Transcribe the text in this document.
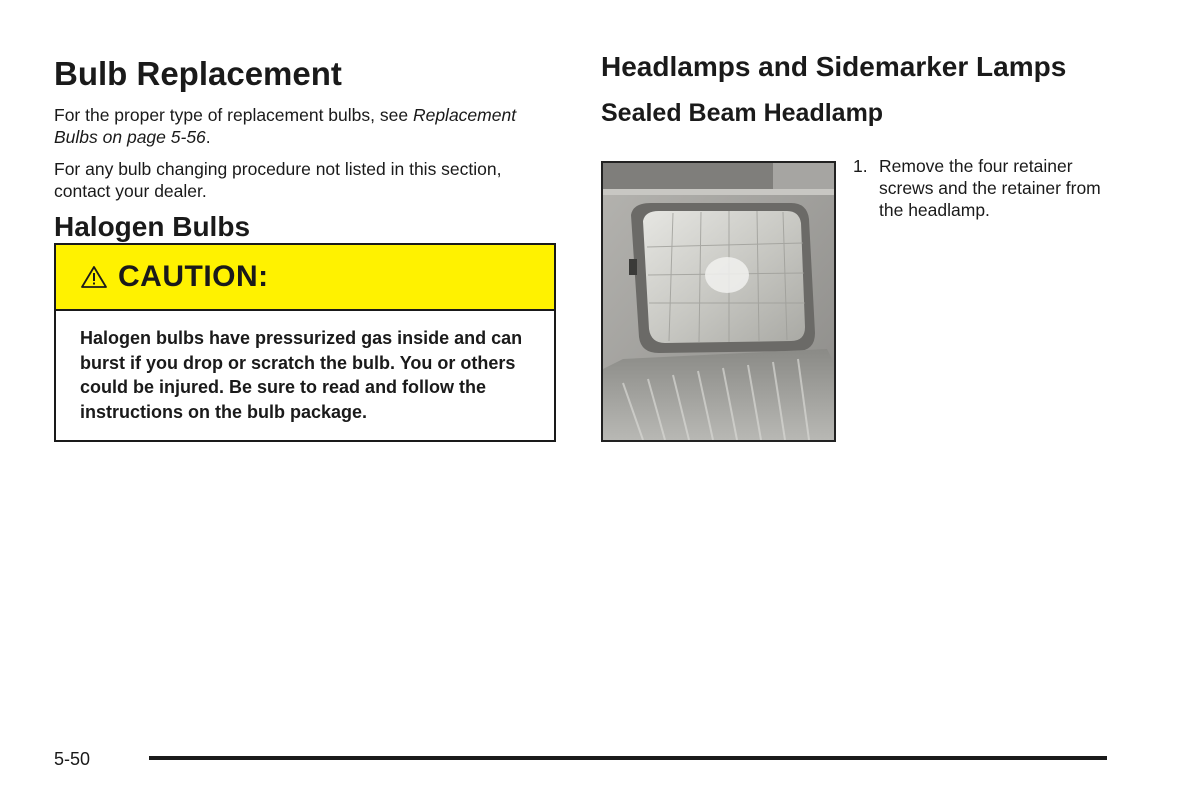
Bulb Replacement

For the proper type of replacement bulbs, see Replacement Bulbs on page 5-56.

For any bulb changing procedure not listed in this section, contact your dealer.

Halogen Bulbs
CAUTION:
Halogen bulbs have pressurized gas inside and can burst if you drop or scratch the bulb. You or others could be injured. Be sure to read and follow the instructions on the bulb package.
Headlamps and Sidemarker Lamps
Sealed Beam Headlamp
1. Remove the four retainer screws and the retainer from the headlamp.
5-50
